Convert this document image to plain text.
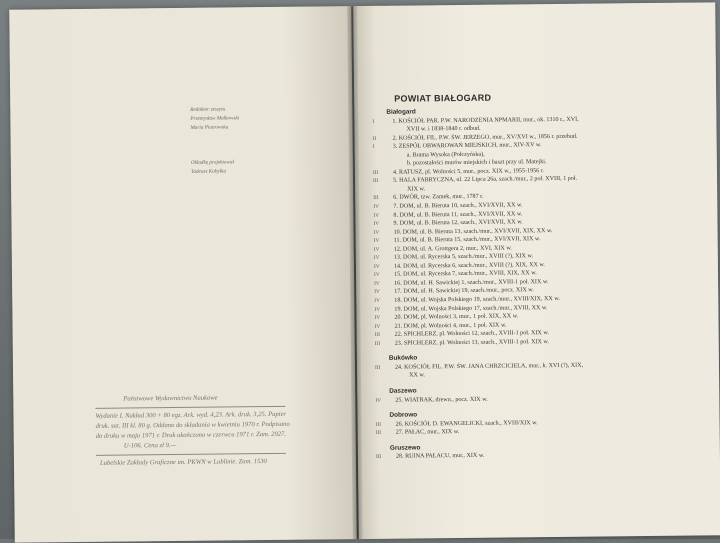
Redaktor zeszytu
Przemysław Malkowski
Maria Piotrowska
Okładkę projektował
Tadeusz Kobylka
Państwowe Wydawnictwo Naukowe
Wydanie I. Nakład 300 + 80 egz. Ark. wyd. 4,23. Ark. druk. 3,25. Papier
druk. sat. III kl. 80 g. Oddano do składania w kwietniu 1970 r. Podpisano
do druku w maju 1971 r. Druk ukończono w czerwcu 1971 r. Zam. 2927.
U-106. Cena zł 9.—
Lubelskie Zakłady Graficzne im. PKWN w Lublinie. Zam. 1530
POWIAT BIAŁOGARD
Białogard
I	1. KOŚCIÓŁ PAR. P.W. NARODZENIA NPMARII, mur., ok. 1310 r., XVI,
XVII w. i 1838-1840 r. odbud.
II	2. KOŚCIÓŁ FIL. P.W. ŚW. JERZEGO, mur., XV/XVI w., 1856 r. przebud.
I	3. ZESPÓŁ OBWAROWAŃ MIEJSKICH, mur., XIV-XV w.
a. Brama Wysoka (Połczyńska),
b. pozostałości murów miejskich i baszt przy ul. Matejki.
III	4. RATUSZ, pl. Wolności 5, mur., pocz. XIX w., 1955-1956 r.
III	5. HALA FABRYCZNA, ul. 22 Lipca 26a, szach./mur., 2 poł. XVIII, 1 poł.
XIX w.
III	6. DWÓR, tzw. Zamek, mur., 1787 r.
IV	7. DOM, ul. B. Bieruta 10, szach., XVI/XVII, XX w.
IV	8. DOM, ul. B. Bieruta 11, szach., XVI/XVII, XX w.
IV	9. DOM, ul. B. Bieruta 12, szach., XVI/XVII, XX w.
IV	10. DOM, ul. B. Bieruta 13, szach./mur., XVI/XVII, XIX, XX w.
IV	11. DOM, ul. B. Bieruta 15, szach./mur., XVI/XVII, XIX w.
IV	12. DOM, ul. A. Grottgera 2, mur., XVI, XIX w.
IV	13. DOM, ul. Rycerska 5, szach./mur., XVIII (?), XIX w.
IV	14. DOM, ul. Rycerska 6, szach./mur., XVIII (?), XIX, XX w.
IV	15. DOM, ul. Rycerska 7, szach./mur., XVIII, XIX, XX w.
IV	16. DOM, ul. H. Sawickiej 1, szach./mur., XVIII-1 poł. XIX w.
IV	17. DOM, ul. H. Sawickiej 19, szach./mur., pocz. XIX w.
IV	18. DOM, ul. Wojska Polskiego 19, szach./mur., XVIII/XIX, XX w.
IV	19. DOM, ul. Wojska Polskiego 17, szach./mur., XVIII, XX w.
IV	20. DOM, pl. Wolności 3, mur., 1 poł. XIX, XX w.
IV	21. DOM, pl. Wolności 4, mur., 1 poł. XIX w.
III	22. SPICHLERZ, pl. Wolności 12, szach., XVIII-1 poł. XIX w.
III	23. SPICHLERZ, pl. Wolności 13, szach., XVIII-1 poł. XIX w.
Bukówko
III	24. KOŚCIÓŁ FIL. P.W. ŚW. JANA CHRZCICIELA, mur., k. XVI (?), XIX,
XX w.
Daszewo
IV	25. WIATRAK, drewn., pocz. XIX w.
Dobrowo
III	26. KOŚCIÓŁ D. EWANGELICKI, szach., XVIII/XIX w.
III	27. PAŁAC, mur., XIX w.
Gruszewo
III	28. RUINA PAŁACU, mur., XIX w.
